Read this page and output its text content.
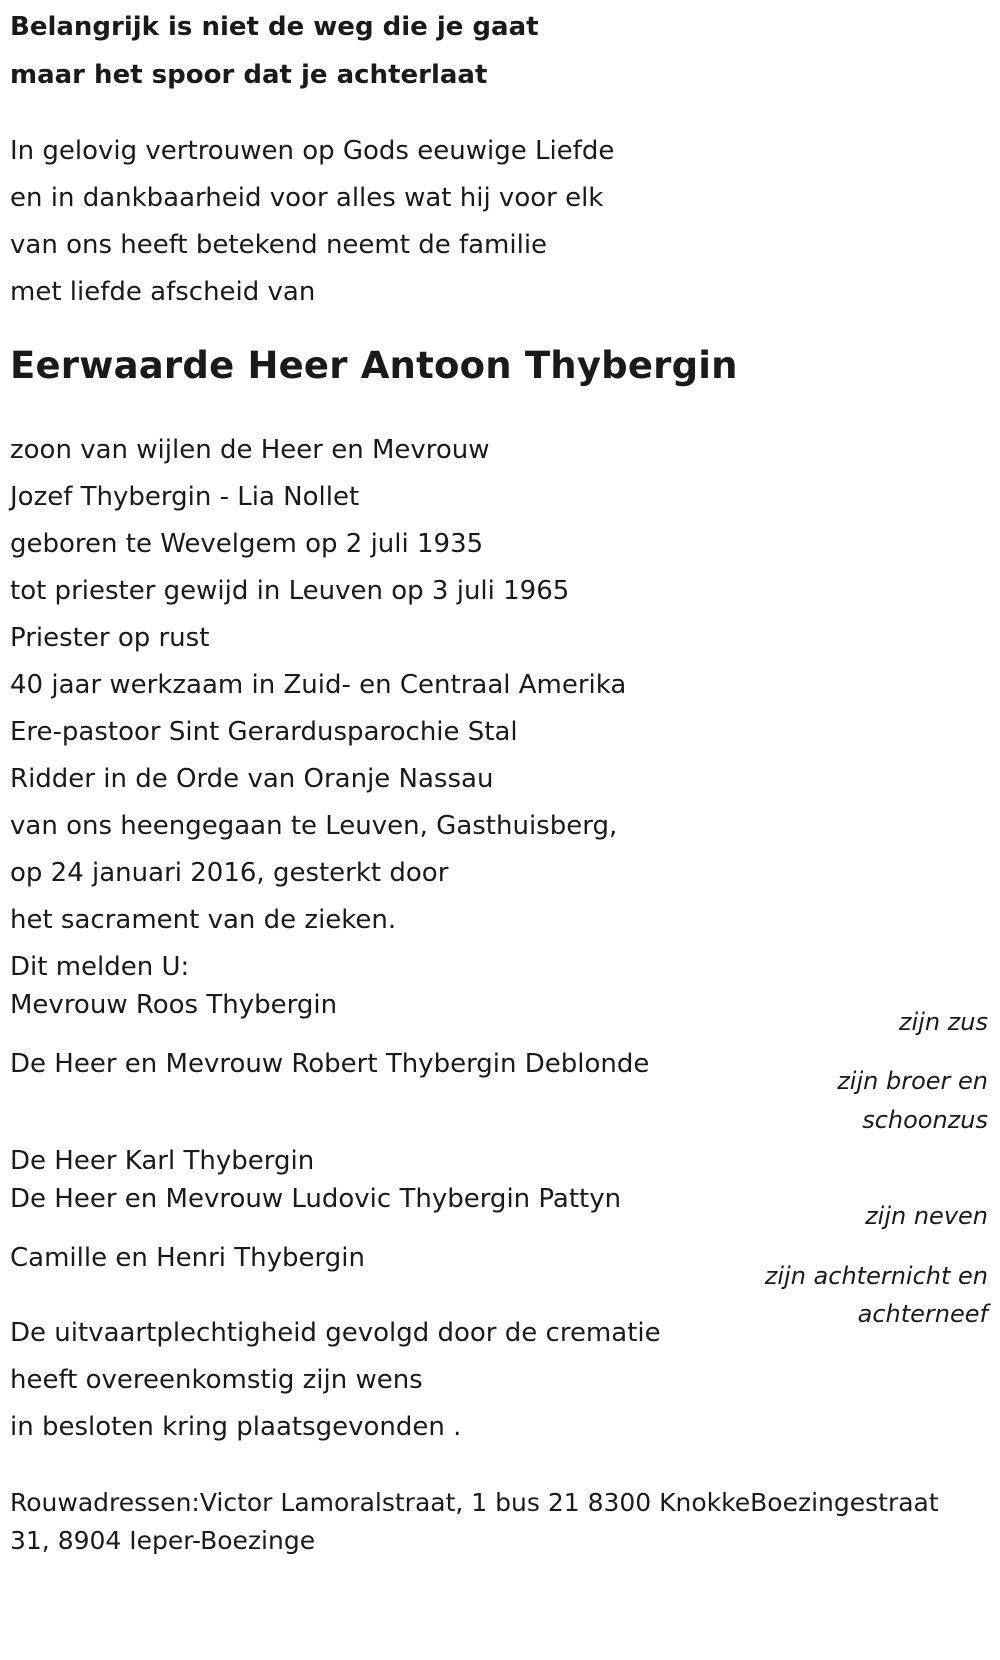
Belangrijk is niet de weg die je gaat
maar het spoor dat je achterlaat
In gelovig vertrouwen op Gods eeuwige Liefde
en in dankbaarheid voor alles wat hij voor elk
van ons heeft betekend neemt de familie
met liefde afscheid van
Eerwaarde Heer Antoon Thybergin
zoon van wijlen de Heer en Mevrouw
Jozef Thybergin - Lia Nollet
geboren te Wevelgem op 2 juli 1935
tot priester gewijd in Leuven op 3 juli 1965
Priester op rust
40 jaar werkzaam in Zuid- en Centraal Amerika
Ere-pastoor Sint Gerardusparochie Stal
Ridder in de Orde van Oranje Nassau
van ons heengegaan te Leuven, Gasthuisberg,
op 24 januari 2016, gesterkt door
het sacrament van de zieken.
Dit melden U:
Mevrouw Roos Thybergin
zijn zus
De Heer en Mevrouw Robert Thybergin Deblonde
zijn broer en
schoonzus
De Heer Karl Thybergin
De Heer en Mevrouw Ludovic Thybergin Pattyn
zijn neven
Camille en Henri Thybergin
zijn achternicht en
achterneef
De uitvaartplechtigheid gevolgd door de crematie
heeft overeenkomstig zijn wens
in besloten kring plaatsgevonden .
Rouwadressen:Victor Lamoralstraat, 1 bus 21 8300 KnokkeBoezingestraat
31, 8904 Ieper-Boezinge
